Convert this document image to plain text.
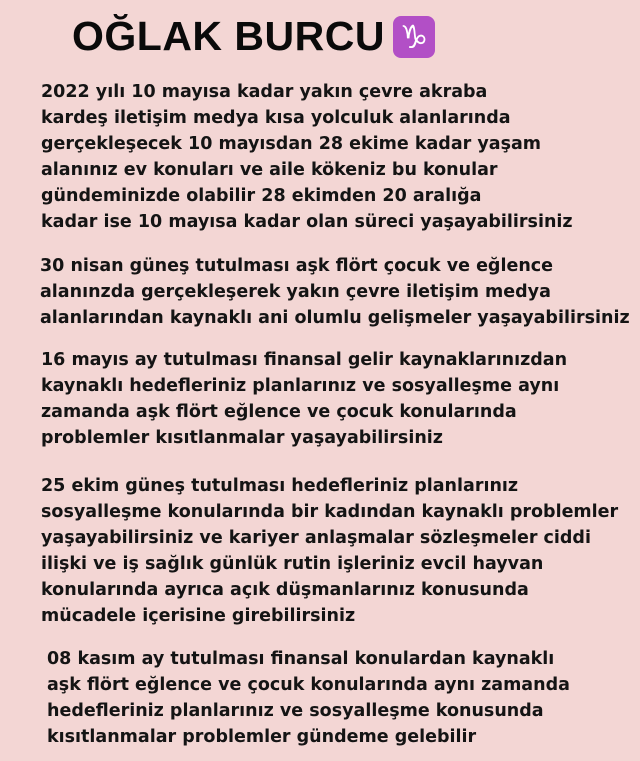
OĞLAK BURCU ♑
2022 yılı 10 mayısa kadar yakın çevre akraba
kardeş iletişim medya kısa yolculuk alanlarında
gerçekleşecek 10 mayısdan 28 ekime kadar yaşam
alanınız ev konuları ve aile kökeniz bu konular
gündeminizde olabilir 28 ekimden 20 aralığa
kadar ise 10 mayısa kadar olan süreci yaşayabilirsiniz
30 nisan güneş tutulması aşk flört çocuk ve eğlence
alanınzda gerçekleşerek yakın çevre iletişim medya
alanlarından kaynaklı ani olumlu gelişmeler yaşayabilirsiniz
16 mayıs ay tutulması finansal gelir kaynaklarınızdan
kaynaklı hedefleriniz planlarınız ve sosyalleşme aynı
zamanda aşk flört eğlence ve çocuk konularında
problemler kısıtlanmalar yaşayabilirsiniz
25 ekim güneş tutulması hedefleriniz planlarınız
sosyalleşme konularında bir kadından kaynaklı problemler
yaşayabilirsiniz ve kariyer anlaşmalar sözleşmeler ciddi
ilişki ve iş sağlık günlük rutin işleriniz evcil hayvan
konularında ayrıca açık düşmanlarınız konusunda
mücadele içerisine girebilirsiniz
08 kasım ay tutulması finansal konulardan kaynaklı
aşk flört eğlence ve çocuk konularında aynı zamanda
hedefleriniz planlarınız ve sosyalleşme konusunda
kısıtlanmalar problemler gündeme gelebilir
